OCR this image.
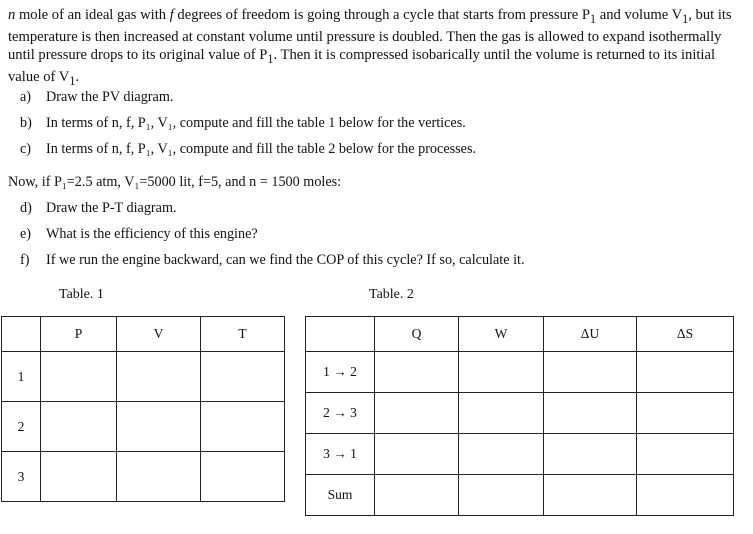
n mole of an ideal gas with f degrees of freedom is going through a cycle that starts from pressure $P_1$ and volume $V_1$, but its temperature is then increased at constant volume until pressure is doubled. Then the gas is allowed to expand isothermally until pressure drops to its original value of $P_1$. Then it is compressed isobarically until the volume is returned to its initial value of $V_1$.
a) Draw the PV diagram.
b) In terms of n, f, P₁, V₁, compute and fill the table 1 below for the vertices.
c) In terms of n, f, P₁, V₁, compute and fill the table 2 below for the processes.
Now, if P₁=2.5 atm, V₁=5000 lit, f=5, and n = 1500 moles:
d) Draw the P-T diagram.
e) What is the efficiency of this engine?
f) If we run the engine backward, can we find the COP of this cycle? If so, calculate it.
Table. 1	Table. 2
	P	V	T
1			
2			
3			
	Q	W	ΔU	ΔS
1 → 2				
2 → 3				
3 → 1				
Sum				
